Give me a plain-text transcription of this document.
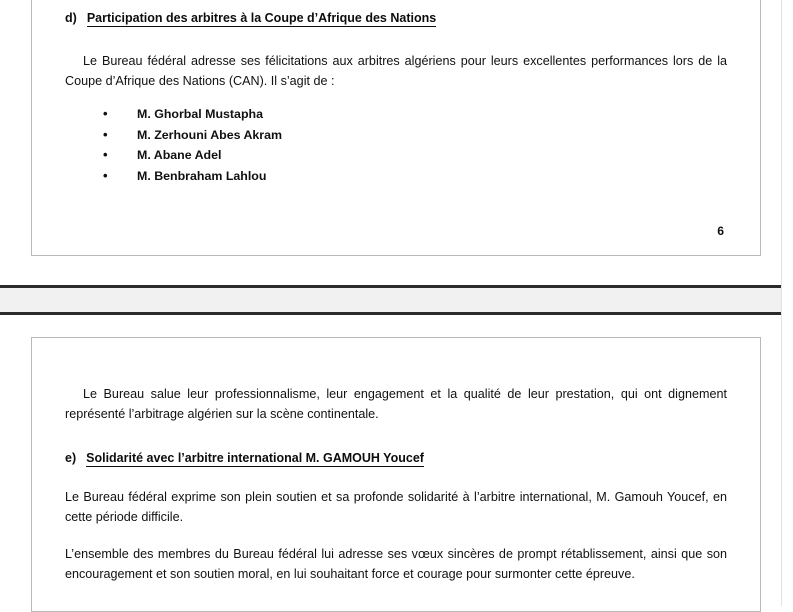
d) Participation des arbitres à la Coupe d’Afrique des Nations

Le Bureau fédéral adresse ses félicitations aux arbitres algériens pour leurs excellentes performances lors de la Coupe d’Afrique des Nations (CAN). Il s’agit de :

• M. Ghorbal Mustapha
• M. Zerhouni Abes Akram
• M. Abane Adel
• M. Benbraham Lahlou
6

Le Bureau salue leur professionnalisme, leur engagement et la qualité de leur prestation, qui ont dignement représenté l’arbitrage algérien sur la scène continentale.

e) Solidarité avec l’arbitre international M. GAMOUH Youcef

Le Bureau fédéral exprime son plein soutien et sa profonde solidarité à l’arbitre international, M. Gamouh Youcef, en cette période difficile.

L’ensemble des membres du Bureau fédéral lui adresse ses vœux sincères de prompt rétablissement, ainsi que son encouragement et son soutien moral, en lui souhaitant force et courage pour surmonter cette épreuve.
